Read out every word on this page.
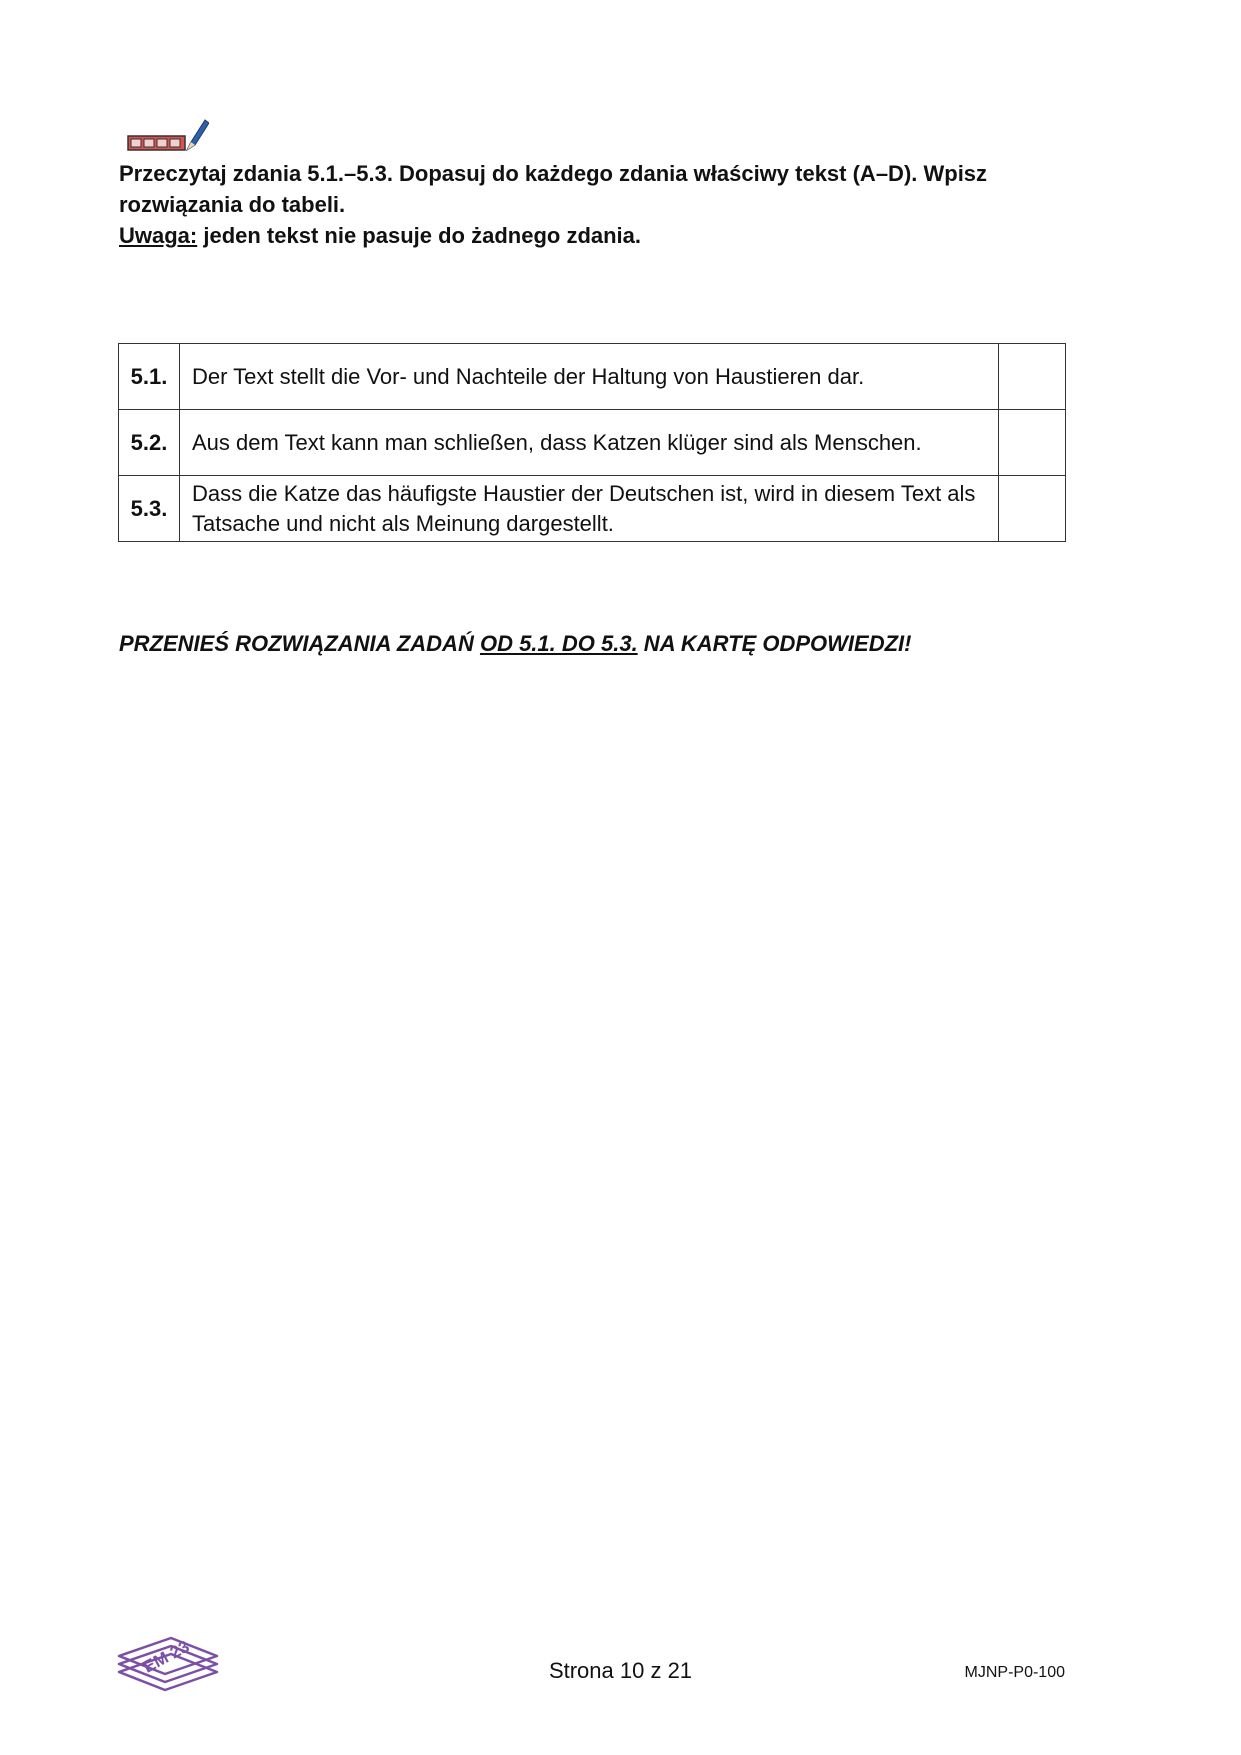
Przeczytaj zdania 5.1.–5.3. Dopasuj do każdego zdania właściwy tekst (A–D). Wpisz rozwiązania do tabeli.

Uwaga: jeden tekst nie pasuje do żadnego zdania.

5.1.	Der Text stellt die Vor- und Nachteile der Haltung von Haustieren dar.	
5.2.	Aus dem Text kann man schließen, dass Katzen klüger sind als Menschen.	
5.3.	Dass die Katze das häufigste Haustier der Deutschen ist, wird in diesem Text als Tatsache und nicht als Meinung dargestellt.	
PRZENIEŚ ROZWIĄZANIA ZADAŃ OD 5.1. DO 5.3. NA KARTĘ ODPOWIEDZI!
EM 23	Strona 10 z 21	MJNP-P0-100
